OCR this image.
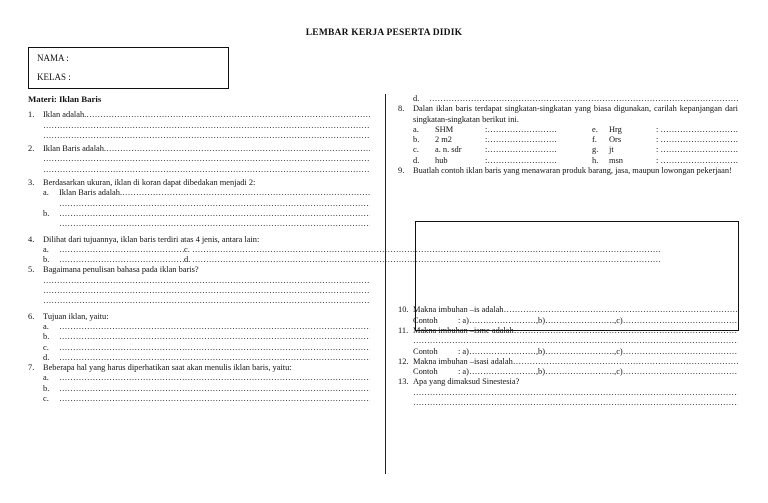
LEMBAR KERJA PESERTA DIDIK
NAMA :
KELAS :
Materi: Iklan Baris
1.	Iklan adalah. ……………………………………………………………………………………………………………………………………………………
……………………………………………………………………………………………………………………………………………………
……………………………………………………………………………………………………………………………………………………
2.	Iklan Baris adalah. ……………………………………………………………………………………………………………………………………………………
……………………………………………………………………………………………………………………………………………………
……………………………………………………………………………………………………………………………………………………
3.	Berdasarkan ukuran, iklan di koran dapat dibedakan menjadi 2:
a.	Iklan Baris adalah. ……………………………………………………………………………………………………………………………………………………
……………………………………………………………………………………………………………………………………………………
b.
……………………………………………………………………………………………………………………………………………………
……………………………………………………………………………………………………………………………………………………
4.	Dilihat dari tujuannya, iklan baris terdiri atas 4 jenis, antara lain:
a. ……………………………………………………………………………………………………………………………………………………	c.
……………………………………………………………………………………………………………………………………………………
b. ……………………………………………………………………………………………………………………………………………………	d.
……………………………………………………………………………………………………………………………………………………
5.	Bagaimana penulisan bahasa pada iklan baris?
……………………………………………………………………………………………………………………………………………………
……………………………………………………………………………………………………………………………………………………
……………………………………………………………………………………………………………………………………………………
6.	Tujuan iklan, yaitu:
a.
……………………………………………………………………………………………………………………………………………………
b.
……………………………………………………………………………………………………………………………………………………
c.
……………………………………………………………………………………………………………………………………………………
d.
……………………………………………………………………………………………………………………………………………………
7.	Beberapa hal yang harus diperhatikan saat akan menulis iklan baris, yaitu:
a.
……………………………………………………………………………………………………………………………………………………
b.
……………………………………………………………………………………………………………………………………………………
c.
……………………………………………………………………………………………………………………………………………………
d.
……………………………………………………………………………………………………………………………………………………
8.	Dalan iklan baris terdapat singkatan-singkatan yang biasa digunakan, carilah kepanjangan dari singkatan-singkatan berikut ini.
a.	SHM	:…………………….	e.	Hrg	: ……………………….
b.	2 m2	:…………………….	f.	Ors	: ……………………….
c.	a. n. sdr	:…………………….	g.	jt	: ……………………….
d.	hub	:…………………….	h.	msn	: ……………………….
9.	Buatlah contoh iklan baris yang menawaran produk barang, jasa, maupun lowongan pekerjaan!
10. Makna imbuhan –is adalah ……………………………………………………………………………………………………………………………………………………
Contoh	: a) …………………… ,b) ……………………. ,c)
……………………………………………………………………………………………………………………………………………………
11. Makna imbuhan –isme adalah ……………………………………………………………………………………………………………………………………………………
……………………………………………………………………………………………………………………………………………………
Contoh	: a) …………………… ,b) ……………………. ,c)
……………………………………………………………………………………………………………………………………………………
12. Makna imbuhan –isasi adalah ……………………………………………………………………………………………………………………………………………………
Contoh	: a) …………………… ,b) ……………………. ,c)
……………………………………………………………………………………………………………………………………………………
13. Apa yang dimaksud Sinestesia?
……………………………………………………………………………………………………………………………………………………
……………………………………………………………………………………………………………………………………………………
